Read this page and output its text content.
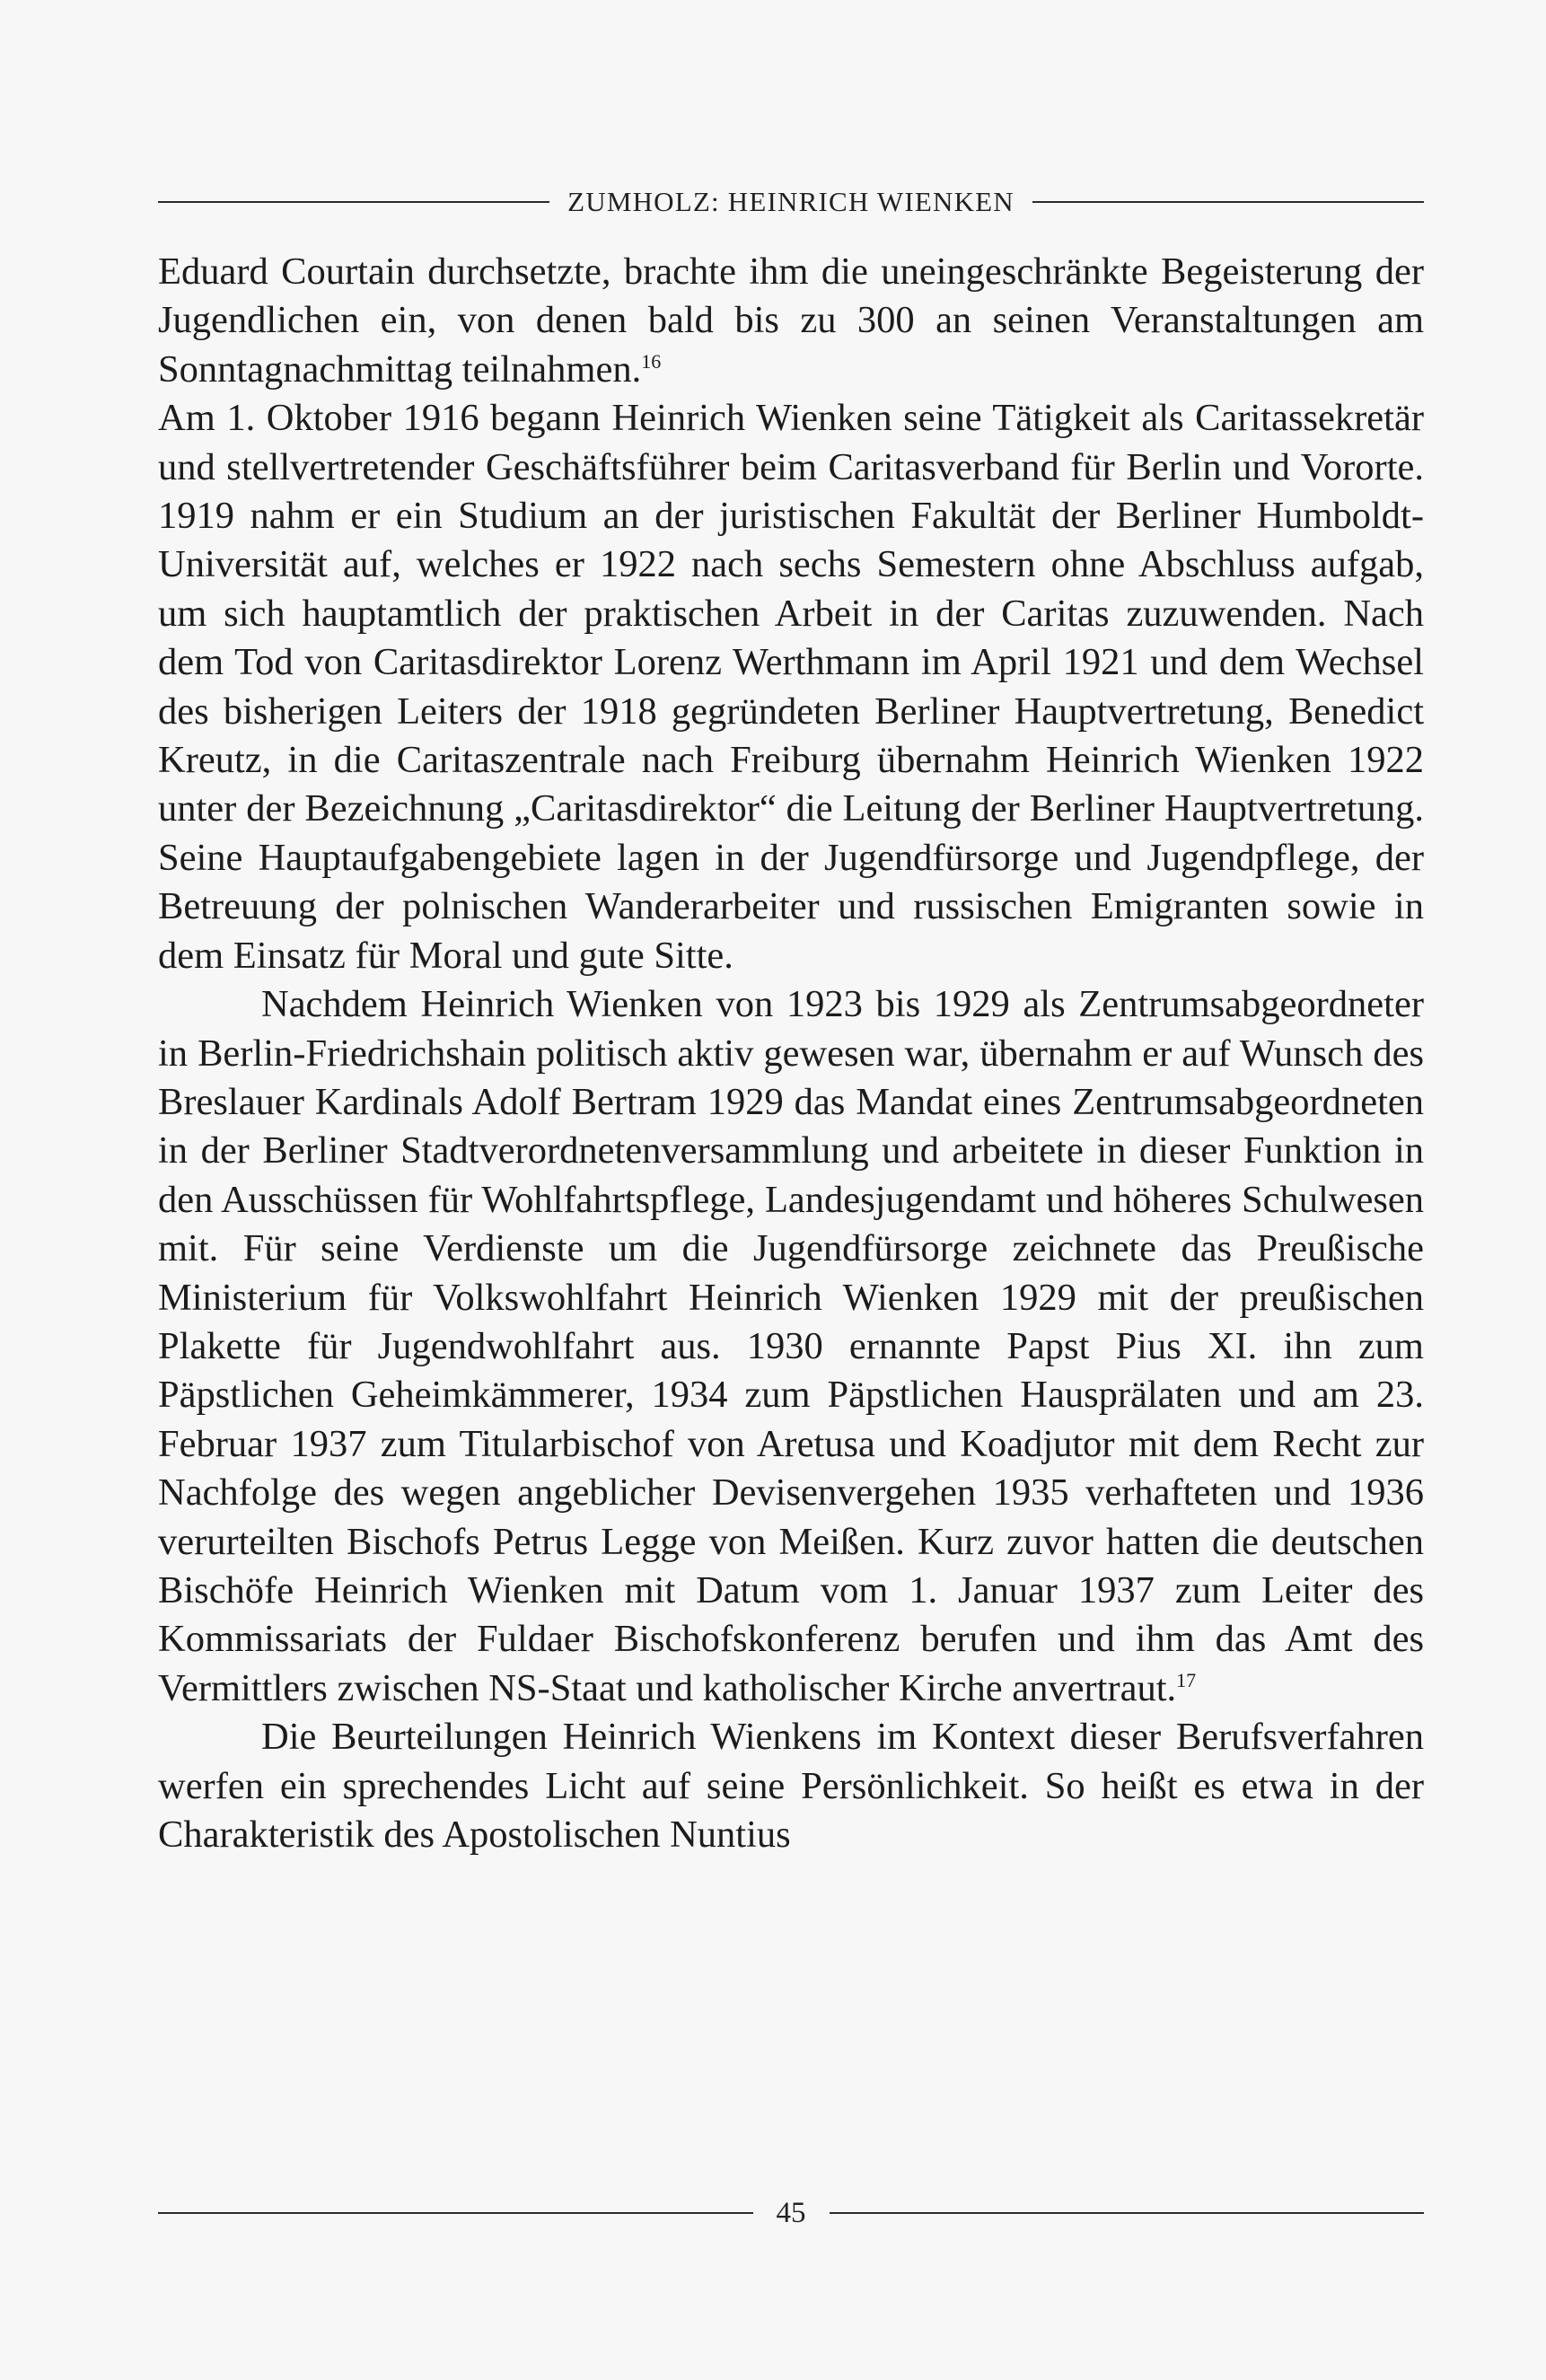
ZUMHOLZ: HEINRICH WIENKEN

Eduard Courtain durchsetzte, brachte ihm die uneingeschränkte Begeisterung der Jugendlichen ein, von denen bald bis zu 300 an seinen Veranstaltungen am Sonntagnachmittag teilnahmen.$^{16}$

Am 1. Oktober 1916 begann Heinrich Wienken seine Tätigkeit als Caritassekretär und stellvertretender Geschäftsführer beim Caritasverband für Berlin und Vororte. 1919 nahm er ein Studium an der juristischen Fakultät der Berliner Humboldt-Universität auf, welches er 1922 nach sechs Semestern ohne Abschluss aufgab, um sich hauptamtlich der praktischen Arbeit in der Caritas zuzuwenden. Nach dem Tod von Caritasdirektor Lorenz Werthmann im April 1921 und dem Wechsel des bisherigen Leiters der 1918 gegründeten Berliner Hauptvertretung, Benedict Kreutz, in die Caritaszentrale nach Freiburg übernahm Heinrich Wienken 1922 unter der Bezeichnung „Caritasdirektor“ die Leitung der Berliner Hauptvertretung. Seine Hauptaufgabengebiete lagen in der Jugendfürsorge und Jugendpflege, der Betreuung der polnischen Wanderarbeiter und russischen Emigranten sowie in dem Einsatz für Moral und gute Sitte.

Nachdem Heinrich Wienken von 1923 bis 1929 als Zentrumsabgeordneter in Berlin-Friedrichshain politisch aktiv gewesen war, übernahm er auf Wunsch des Breslauer Kardinals Adolf Bertram 1929 das Mandat eines Zentrumsabgeordneten in der Berliner Stadtverordnetenversammlung und arbeitete in dieser Funktion in den Ausschüssen für Wohlfahrtspflege, Landesjugendamt und höheres Schulwesen mit. Für seine Verdienste um die Jugendfürsorge zeichnete das Preußische Ministerium für Volkswohlfahrt Heinrich Wienken 1929 mit der preußischen Plakette für Jugendwohlfahrt aus. 1930 ernannte Papst Pius XI. ihn zum Päpstlichen Geheimkämmerer, 1934 zum Päpstlichen Hausprälaten und am 23. Februar 1937 zum Titularbischof von Aretusa und Koadjutor mit dem Recht zur Nachfolge des wegen angeblicher Devisenvergehen 1935 verhafteten und 1936 verurteilten Bischofs Petrus Legge von Meißen. Kurz zuvor hatten die deutschen Bischöfe Heinrich Wienken mit Datum vom 1. Januar 1937 zum Leiter des Kommissariats der Fuldaer Bischofskonferenz berufen und ihm das Amt des Vermittlers zwischen NS-Staat und katholischer Kirche anvertraut.$^{17}$

Die Beurteilungen Heinrich Wienkens im Kontext dieser Berufsverfahren werfen ein sprechendes Licht auf seine Persönlichkeit. So heißt es etwa in der Charakteristik des Apostolischen Nuntius

45
